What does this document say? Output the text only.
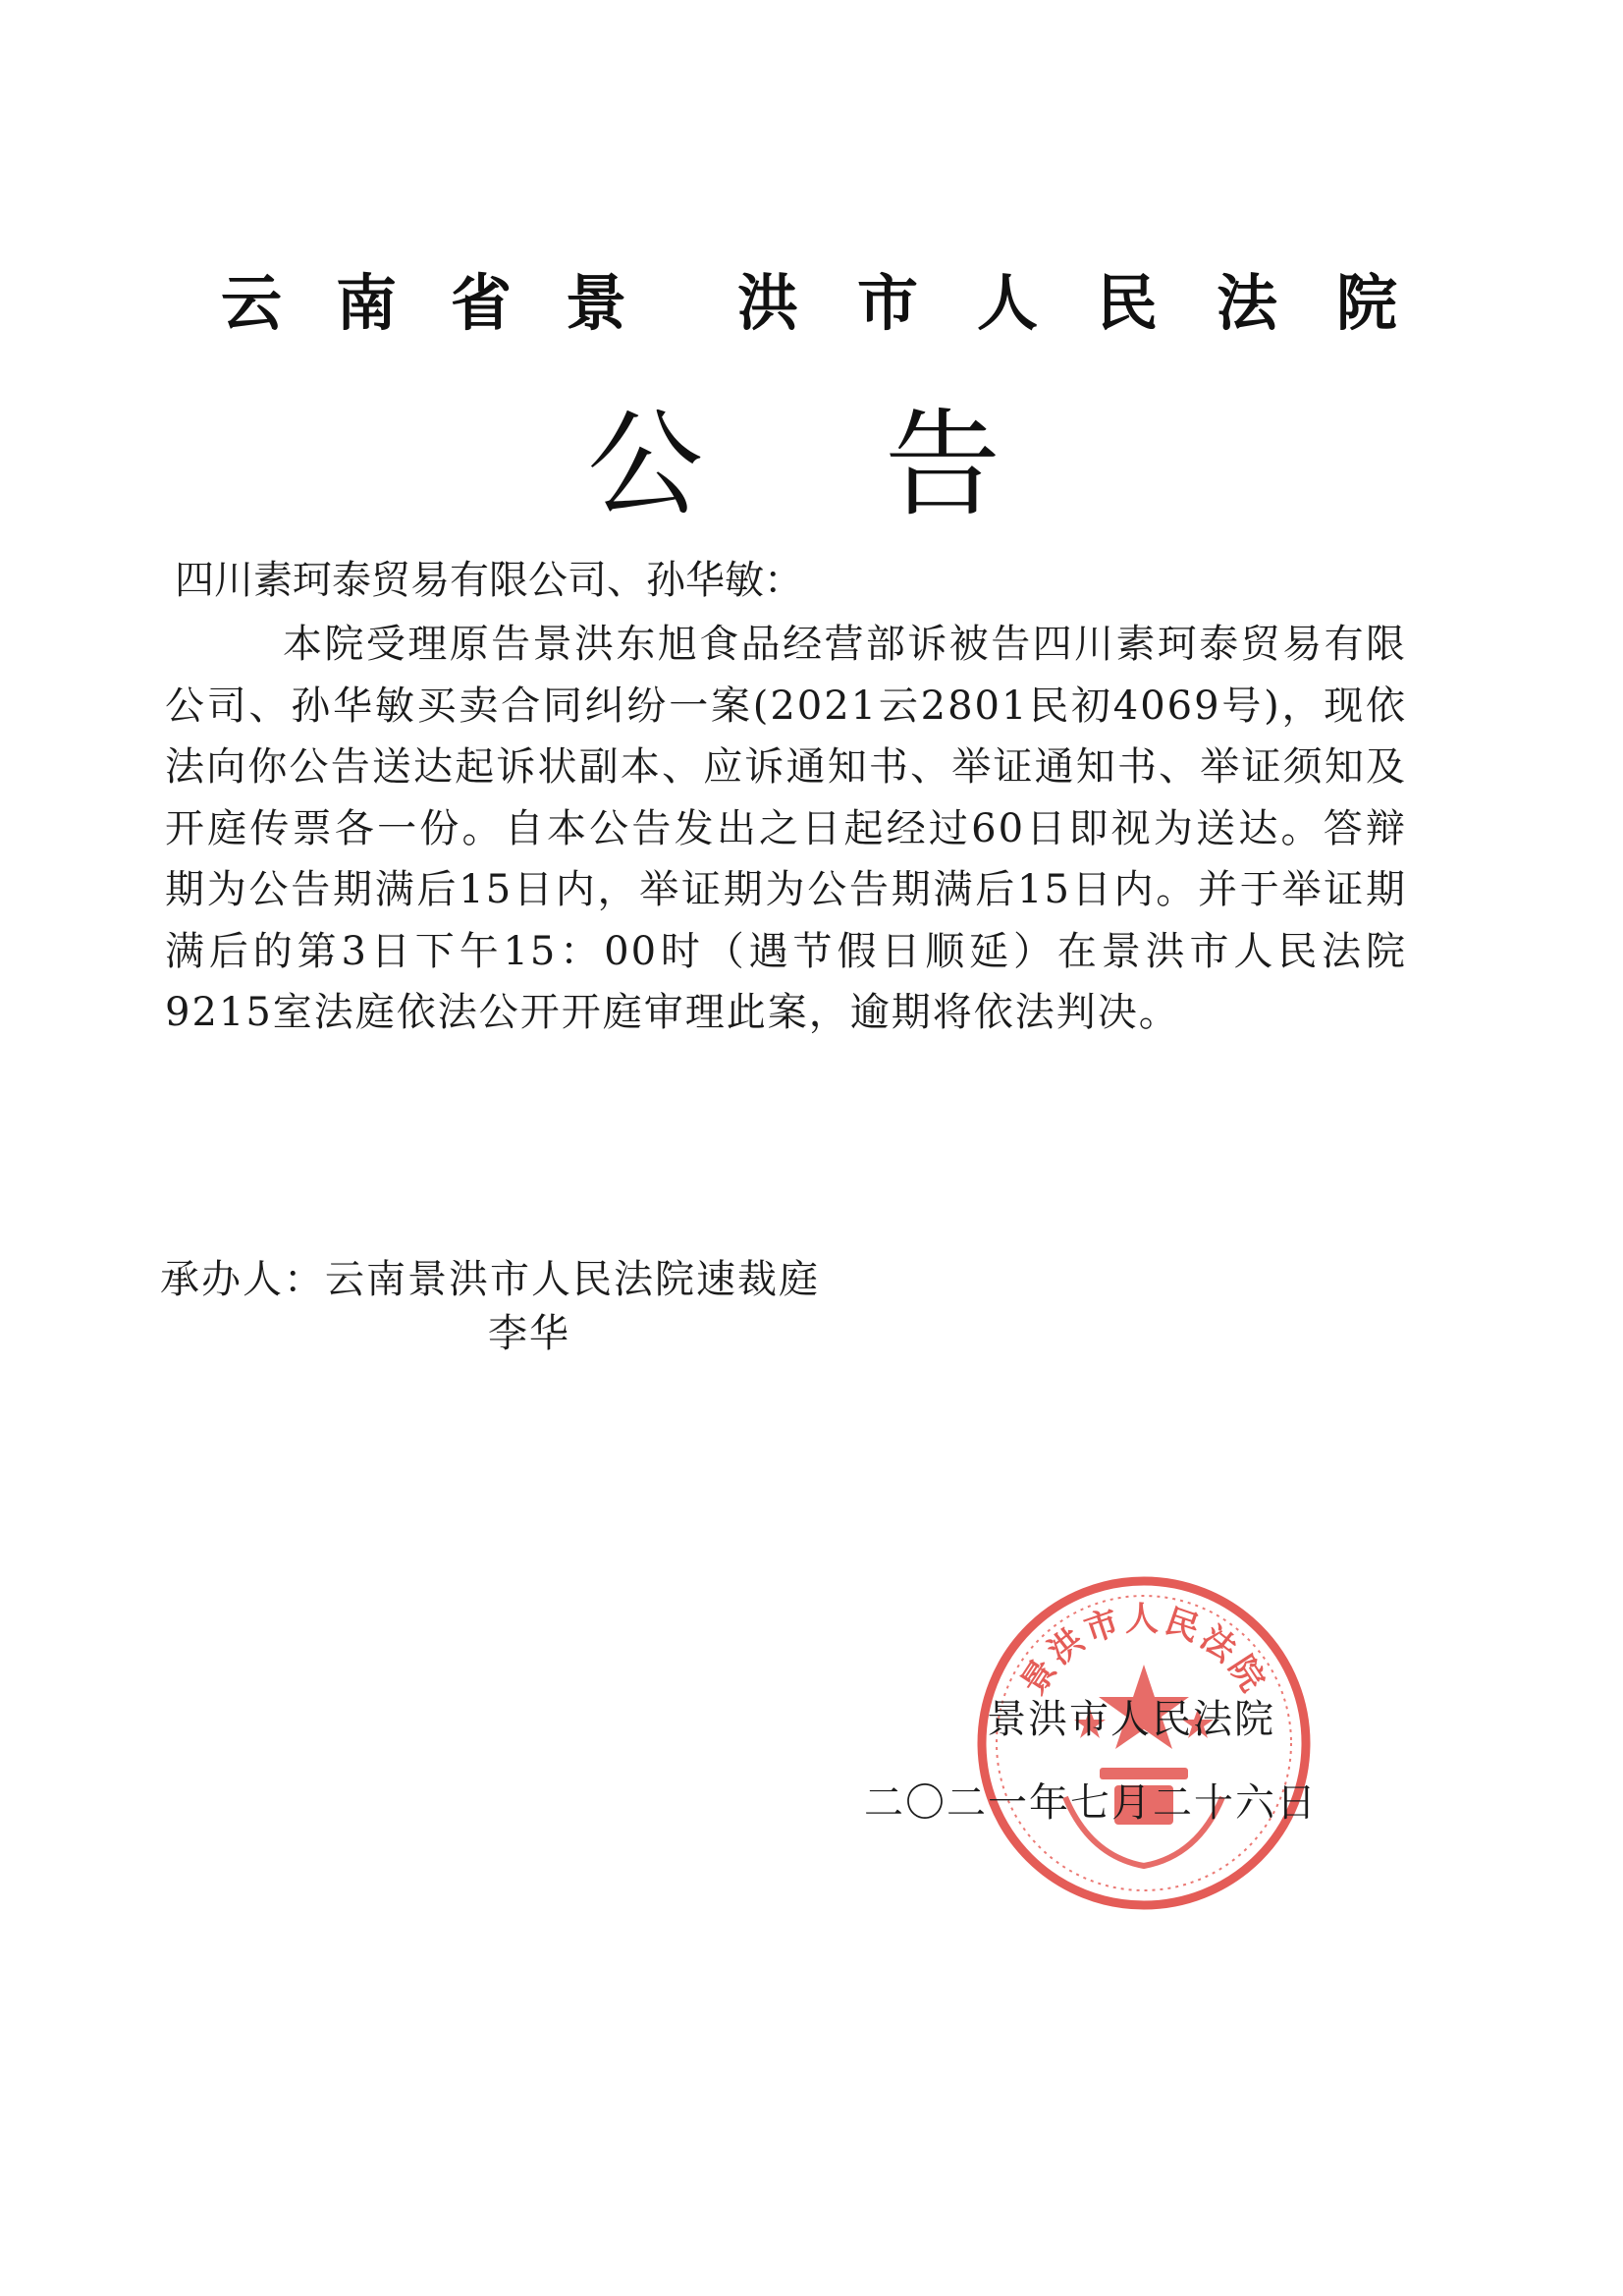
云南省景 洪市人民法院
公告
四川素珂泰贸易有限公司、孙华敏：
本院受理原告景洪东旭食品经营部诉被告四川素珂泰贸易有限公司、孙华敏买卖合同纠纷一案(2021云2801民初4069号)，现依法向你公告送达起诉状副本、应诉通知书、举证通知书、举证须知及开庭传票各一份。自本公告发出之日起经过60日即视为送达。答辩期为公告期满后15日内，举证期为公告期满后15日内。并于举证期满后的第3日下午15：00时（遇节假日顺延）在景洪市人民法院9215室法庭依法公开开庭审理此案，逾期将依法判决。
承办人：云南景洪市人民法院速裁庭
李华
景洪市人民法院
景洪市人民法院
二〇二一年七月二十六日
